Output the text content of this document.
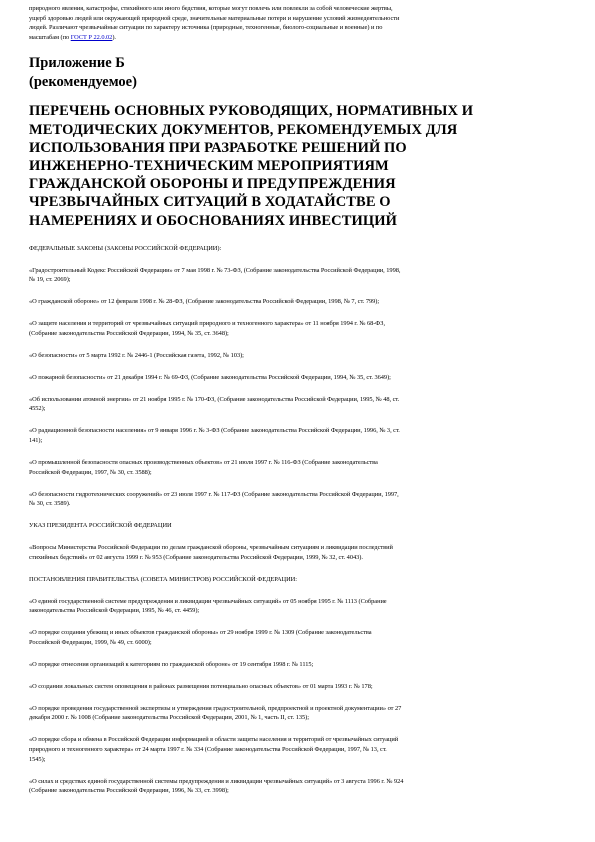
природного явления, катастрофы, стихийного или иного бедствия, которые могут повлечь или повлекли за собой человеческие жертвы,

ущерб здоровью людей или окружающей природной среде, значительные материальные потери и нарушение условий жизнедеятельности

людей. Различают чрезвычайные ситуации по характеру источника (природные, техногенные, биолого-социальные и военные) и по

масштабам (по ГОСТ Р 22.0.02).

Приложение Б
(рекомендуемое)
ПЕРЕЧЕНЬ ОСНОВНЫХ РУКОВОДЯЩИХ, НОРМАТИВНЫХ И
МЕТОДИЧЕСКИХ ДОКУМЕНТОВ, РЕКОМЕНДУЕМЫХ ДЛЯ
ИСПОЛЬЗОВАНИЯ ПРИ РАЗРАБОТКЕ РЕШЕНИЙ ПО
ИНЖЕНЕРНО-ТЕХНИЧЕСКИМ МЕРОПРИЯТИЯМ
ГРАЖДАНСКОЙ ОБОРОНЫ И ПРЕДУПРЕЖДЕНИЯ
ЧРЕЗВЫЧАЙНЫХ СИТУАЦИЙ В ХОДАТАЙСТВЕ О
НАМЕРЕНИЯХ И ОБОСНОВАНИЯХ ИНВЕСТИЦИЙ

ФЕДЕРАЛЬНЫЕ ЗАКОНЫ (ЗАКОНЫ РОССИЙСКОЙ ФЕДЕРАЦИИ):

«Градостроительный Кодекс Российской Федерации» от 7 мая 1998 г. № 73-ФЗ, (Собрание законодательства Российской Федерации, 1998,

№ 19, ст. 2069);

«О гражданской обороне» от 12 февраля 1998 г. № 28-ФЗ, (Собрание законодательства Российской Федерации, 1998, № 7, ст. 799);

«О защите населения и территорий от чрезвычайных ситуаций природного и техногенного характера» от 11 ноября 1994 г. № 68-ФЗ,

(Собрание законодательства Российской Федерации, 1994, № 35, ст. 3648);

«О безопасности» от 5 марта 1992 г. № 2446-1 (Российская газета, 1992, № 103);

«О пожарной безопасности» от 21 декабря 1994 г. № 69-ФЗ, (Собрание законодательства Российской Федерации, 1994, № 35, ст. 3649);

«Об использовании атомной энергии» от 21 ноября 1995 г. № 170-ФЗ, (Собрание законодательства Российской Федерации, 1995, № 48, ст.

4552);

«О радиационной безопасности населения» от 9 января 1996 г. № 3-ФЗ (Собрание законодательства Российской Федерации, 1996, № 3, ст.

141);

«О промышленной безопасности опасных производственных объектов» от 21 июля 1997 г. № 116-ФЗ (Собрание законодательства

Российской Федерации, 1997, № 30, ст. 3588);

«О безопасности гидротехнических сооружений» от 23 июля 1997 г. № 117-ФЗ (Собрание законодательства Российской Федерации, 1997,

№ 30, ст. 3589).

УКАЗ ПРЕЗИДЕНТА РОССИЙСКОЙ ФЕДЕРАЦИИ

«Вопросы Министерства Российской Федерации по делам гражданской обороны, чрезвычайным ситуациям и ликвидации последствий

стихийных бедствий» от 02 августа 1999 г. № 953 (Собрание законодательства Российской Федерации, 1999, № 32, ст. 4043).

ПОСТАНОВЛЕНИЯ ПРАВИТЕЛЬСТВА (СОВЕТА МИНИСТРОВ) РОССИЙСКОЙ ФЕДЕРАЦИИ:

«О единой государственной системе предупреждения и ликвидации чрезвычайных ситуаций» от 05 ноября 1995 г. № 1113 (Собрание

законодательства Российской Федерации, 1995, № 46, ст. 4459);

«О порядке создания убежищ и иных объектов гражданской обороны» от 29 ноября 1999 г. № 1309 (Собрание законодательства

Российской Федерации, 1999, № 49, ст. 6000);

«О порядке отнесения организаций к категориям по гражданской обороне» от 19 сентября 1998 г. № 1115;

«О создании локальных систем оповещения в районах размещения потенциально опасных объектов» от 01 марта 1993 г. № 178;

«О порядке проведения государственной экспертизы и утверждения градостроительной, предпроектной и проектной документации» от 27

декабря 2000 г. № 1008 (Собрание законодательства Российской Федерации, 2001, № 1, часть II, ст. 135);

«О порядке сбора и обмена в Российской Федерации информацией в области защиты населения и территорий от чрезвычайных ситуаций

природного и техногенного характера» от 24 марта 1997 г. № 334 (Собрание законодательства Российской Федерации, 1997, № 13, ст.

1545);

«О силах и средствах единой государственной системы предупреждения и ликвидации чрезвычайных ситуаций» от 3 августа 1996 г. № 924

(Собрание законодательства Российской Федерации, 1996, № 33, ст. 3998);
